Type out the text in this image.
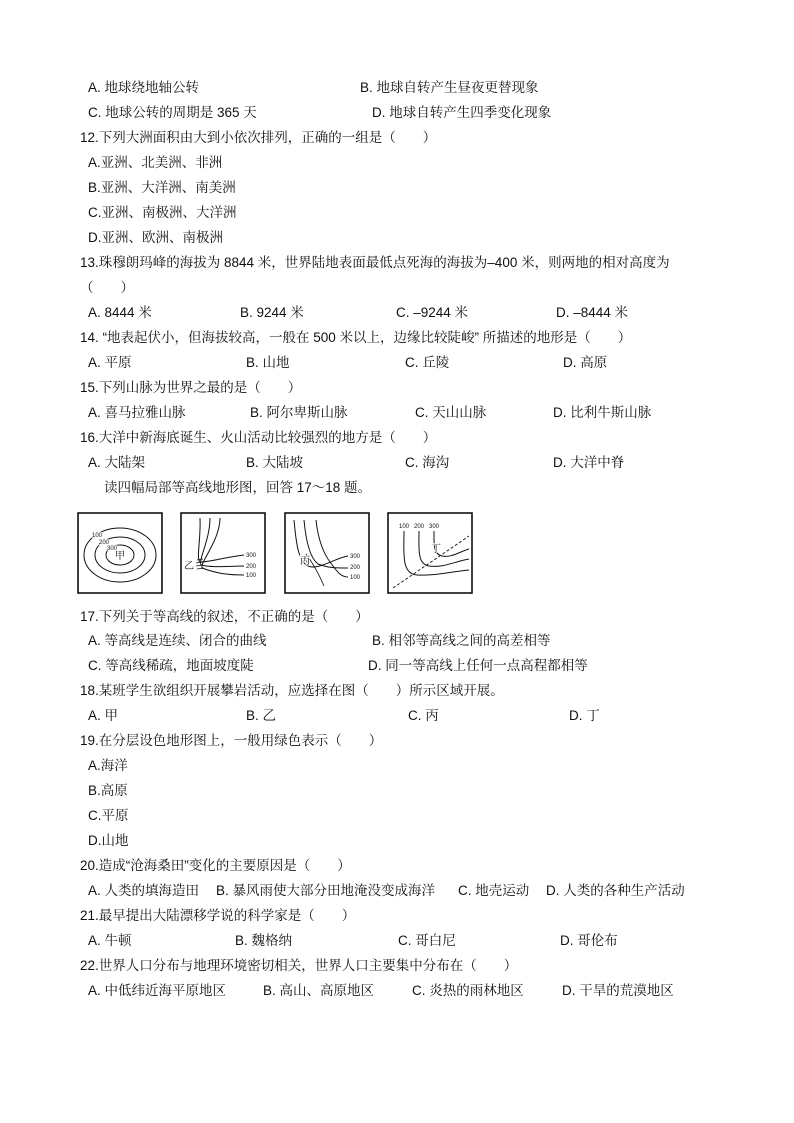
A. 地球绕地轴公转	B. 地球自转产生昼夜更替现象
C. 地球公转的周期是 365 天	D. 地球自转产生四季变化现象
12.下列大洲面积由大到小依次排列，正确的一组是（　　）
A.亚洲、北美洲、非洲
B.亚洲、大洋洲、南美洲
C.亚洲、南极洲、大洋洲
D.亚洲、欧洲、南极洲
13.珠穆朗玛峰的海拔为 8844 米，世界陆地表面最低点死海的海拔为–400 米，则两地的相对高度为
（　　）
A. 8444 米	B. 9244 米	C. –9244 米	D. –8444 米
14. “地表起伏小，但海拔较高，一般在 500 米以上，边缘比较陡峻” 所描述的地形是（　　）
A. 平原	B. 山地	C. 丘陵	D. 高原
15.下列山脉为世界之最的是（　　）
A. 喜马拉雅山脉	B. 阿尔卑斯山脉	C. 天山山脉	D. 比利牛斯山脉
16.大洋中新海底诞生、火山活动比较强烈的地方是（　　）
A. 大陆架	B. 大陆坡	C. 海沟	D. 大洋中脊
读四幅局部等高线地形图，回答 17～18 题。
100
200
300
甲	300
200
100
乙
300
200
100
丙
100 200 300
丁
17.下列关于等高线的叙述，不正确的是（　　）
A. 等高线是连续、闭合的曲线	B. 相邻等高线之间的高差相等
C. 等高线稀疏，地面坡度陡	D. 同一等高线上任何一点高程都相等
18.某班学生欲组织开展攀岩活动，应选择在图（　　）所示区域开展。
A. 甲	B. 乙	C. 丙	D. 丁
19.在分层设色地形图上，一般用绿色表示（　　）
A.海洋
B.高原
C.平原
D.山地
20.造成“沧海桑田”变化的主要原因是（　　）
A. 人类的填海造田 B. 暴风雨使大部分田地淹没变成海洋 C. 地壳运动 D. 人类的各种生产活动
21.最早提出大陆漂移学说的科学家是（　　）
A. 牛顿	B. 魏格纳	C. 哥白尼	D. 哥伦布
22.世界人口分布与地理环境密切相关，世界人口主要集中分布在（　　）
A. 中低纬近海平原地区	B. 高山、高原地区	C. 炎热的雨林地区	D. 干旱的荒漠地区
